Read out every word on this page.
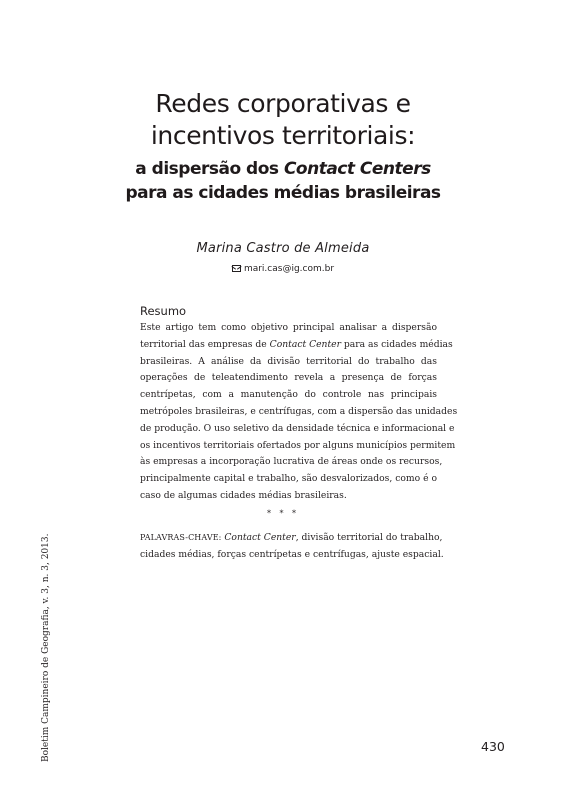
Redes corporativas e
incentivos territoriais:
a dispersão dos Contact Centers
para as cidades médias brasileiras
Marina Castro de Almeida
mari.cas@ig.com.br
Resumo

Este artigo tem como objetivo principal analisar a dispersão
territorial das empresas de Contact Center para as cidades médias
brasileiras. A análise da divisão territorial do trabalho das
operações de teleatendimento revela a presença de forças
centrípetas, com a manutenção do controle nas principais
metrópoles brasileiras, e centrífugas, com a dispersão das unidades
de produção. O uso seletivo da densidade técnica e informacional e
os incentivos territoriais ofertados por alguns municípios permitem
às empresas a incorporação lucrativa de áreas onde os recursos,
principalmente capital e trabalho, são desvalorizados, como é o
caso de algumas cidades médias brasileiras.

* * *

PALAVRAS-CHAVE: Contact Center, divisão territorial do trabalho,
cidades médias, forças centrípetas e centrífugas, ajuste espacial.

Boletim Campineiro de Geografia, v. 3, n. 3, 2013.	430
